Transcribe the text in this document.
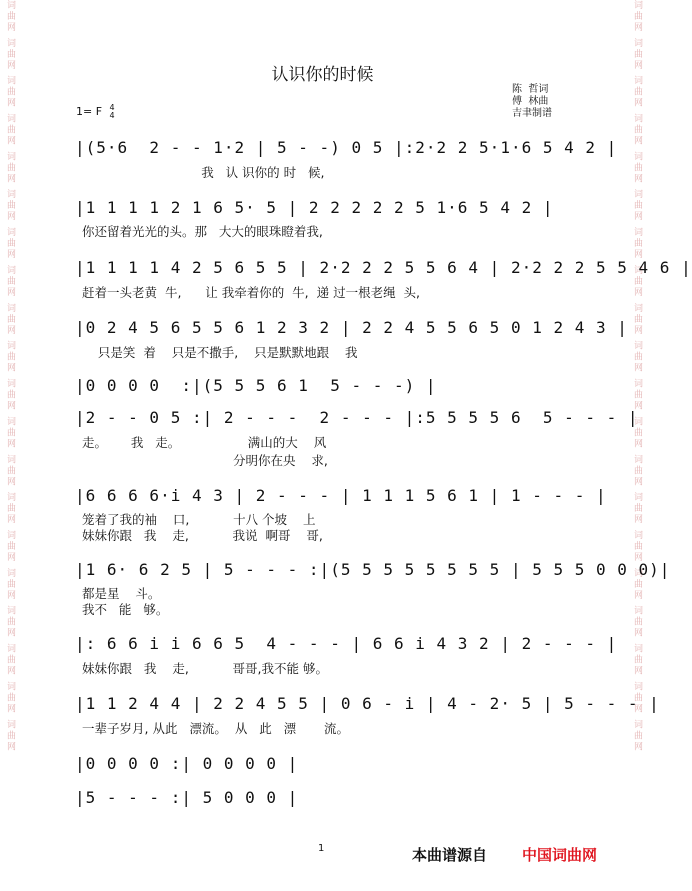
词曲网 词曲网 词曲网 词曲网 词曲网 词曲网 词曲网 词曲网 词曲网 词曲网 词曲网 词曲网 词曲网 词曲网 词曲网 词曲网 词曲网 词曲网 词曲网 词曲网	词曲网 词曲网 词曲网 词曲网 词曲网 词曲网 词曲网 词曲网 词曲网 词曲网 词曲网 词曲网 词曲网 词曲网 词曲网 词曲网 词曲网 词曲网 词曲网 词曲网
认识你的时候
陈  哲词
傅  林曲
吉聿制谱
1= F 4
4
|(5·6  2 - - 1·2 | 5 - -) 0 5 |:2·2 2 5·1·6 5 4 2 |
我   认 识你的 时   候,
|1 1 1 1 2 1 6 5· 5 | 2 2 2 2 2 5 1·6 5 4 2 |
你还留着光光的头。那   大大的眼珠瞪着我,
|1 1 1 1 4 2 5 6 5 5 | 2·2 2 2 5 5 6 4 | 2·2 2 2 5 5 4 6 |
赶着一头老黄  牛,      让 我牵着你的  牛,  递 过一根老绳  头,
|0 2 4 5 6 5 5 6 1 2 3 2 | 2 2 4 5 5 6 5 0 1 2 4 3 |
只是笑  着    只是不撒手,    只是默默地跟    我
|0 0 0 0  :|(5 5 5 6 1  5 - - -) |
|2 - - 0 5 :| 2 - - -  2 - - - |:5 5 5 5 6  5 - - - |
走。      我   走。                 满山的大    风
分明你在央    求,
|6 6 6 6·i 4 3 | 2 - - - | 1 1 1 5 6 1 | 1 - - - |
笼着了我的袖    口,           十八 个坡    上
妹妹你跟   我    走,           我说  啊哥    哥,
|1 6· 6 2 5 | 5 - - - :|(5 5 5 5 5 5 5 5 | 5 5 5 0 0 0)|
都是星    斗。
我不   能   够。
|: 6 6 i i 6 6 5  4 - - - | 6 6 i 4 3 2 | 2 - - - |
妹妹你跟   我    走,           哥哥,我不能 够。
|1 1 2 4 4 | 2 2 4 5 5 | 0 6 - i | 4 - 2· 5 | 5 - - - |
一辈子岁月, 从此   漂流。  从   此   漂       流。
|0 0 0 0 :| 0 0 0 0 |
|5 - - - :| 5 0 0 0 |
1	本曲谱源自 中国词曲网
